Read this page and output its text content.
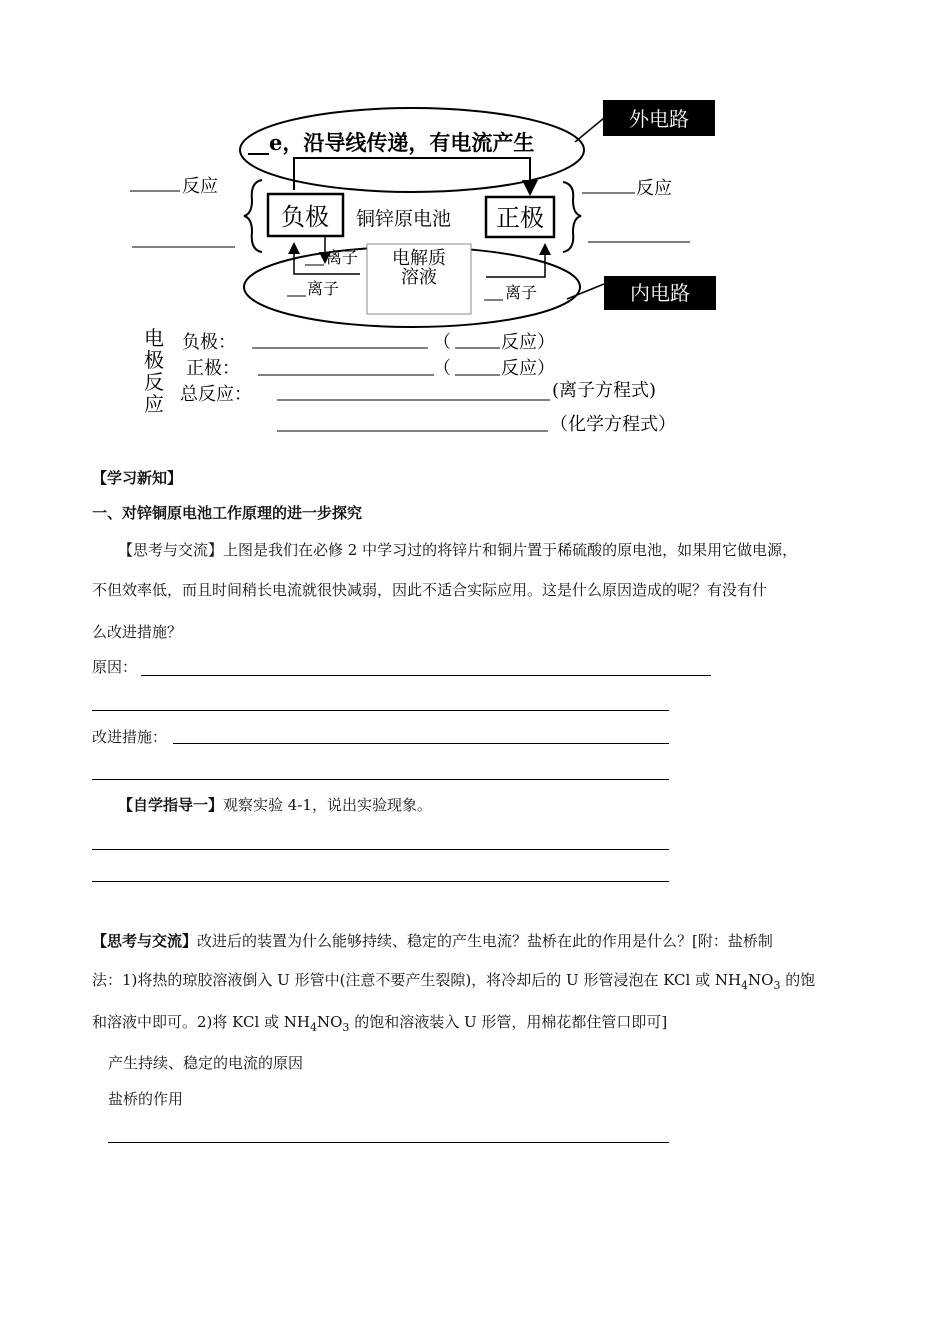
__e，沿导线传递，有电流产生
外电路
反应
负极 铜锌原电池 正极
反应
电解质
溶液
离子
离子	离子	内电路
电
极
反
应
负极：	（	反应）
正极：	（	反应）
总反应：	(离子方程式)
（化学方程式）
【学习新知】
一、对锌铜原电池工作原理的进一步探究
【思考与交流】上图是我们在必修 2 中学习过的将锌片和铜片置于稀硫酸的原电池，如果用它做电源，
不但效率低，而且时间稍长电流就很快减弱，因此不适合实际应用。这是什么原因造成的呢？有没有什
么改进措施？
原因：
改进措施：
【自学指导一】观察实验 4-1，说出实验现象。
【思考与交流】改进后的装置为什么能够持续、稳定的产生电流？盐桥在此的作用是什么？[附：盐桥制
法：1)将热的琼胶溶液倒入 U 形管中(注意不要产生裂隙)，将冷却后的 U 形管浸泡在 KCl 或 $NH_4NO_3$ 的饱
和溶液中即可。2)将 KCl 或 $NH_4NO_3$ 的饱和溶液装入 U 形管，用棉花都住管口即可]
产生持续、稳定的电流的原因
盐桥的作用
